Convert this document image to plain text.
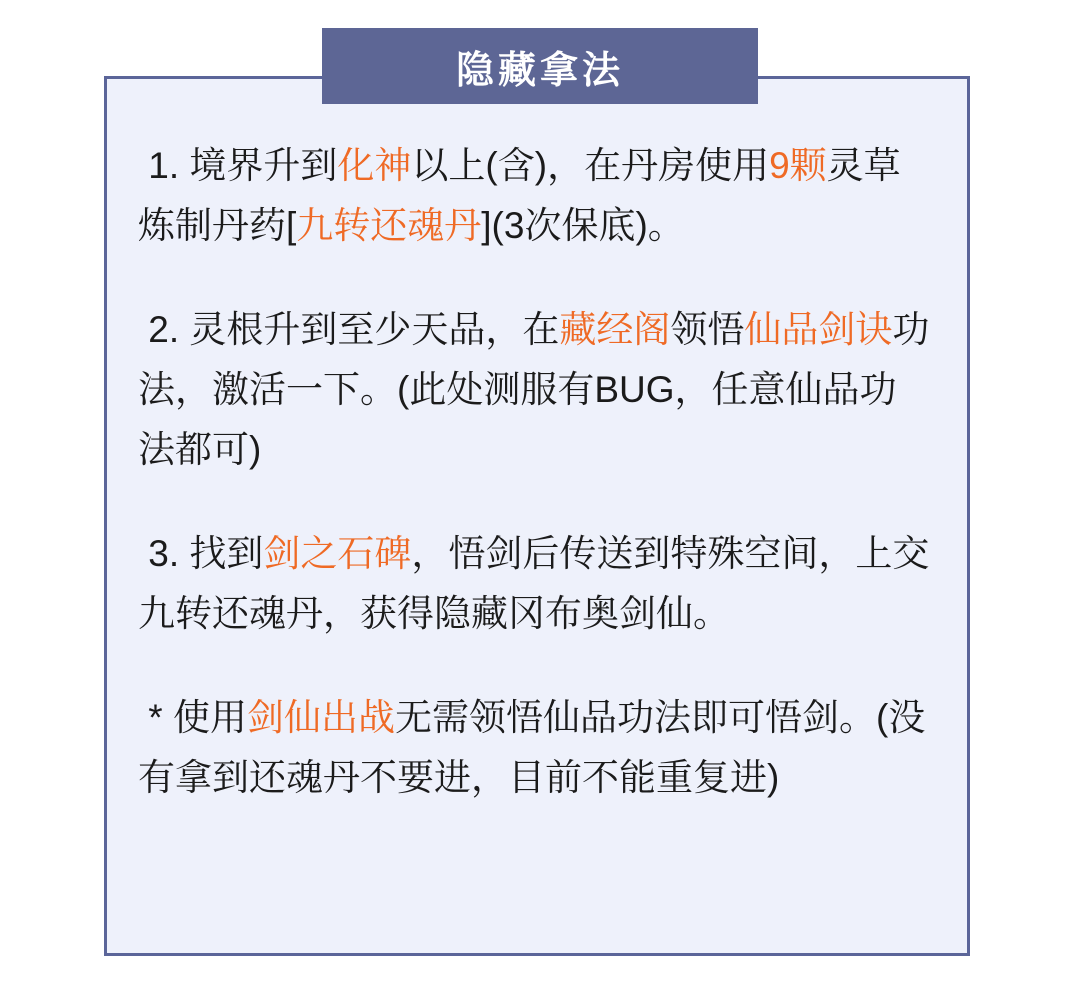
1. 境界升到化神以上(含)，在丹房使用9颗灵草炼制丹药[九转还魂丹](3次保底)。

2. 灵根升到至少天品，在藏经阁领悟仙品剑诀功法，激活一下。(此处测服有BUG，任意仙品功法都可)

3. 找到剑之石碑，悟剑后传送到特殊空间，上交九转还魂丹，获得隐藏冈布奥剑仙。

* 使用剑仙出战无需领悟仙品功法即可悟剑。(没有拿到还魂丹不要进，目前不能重复进)

隐藏拿法
